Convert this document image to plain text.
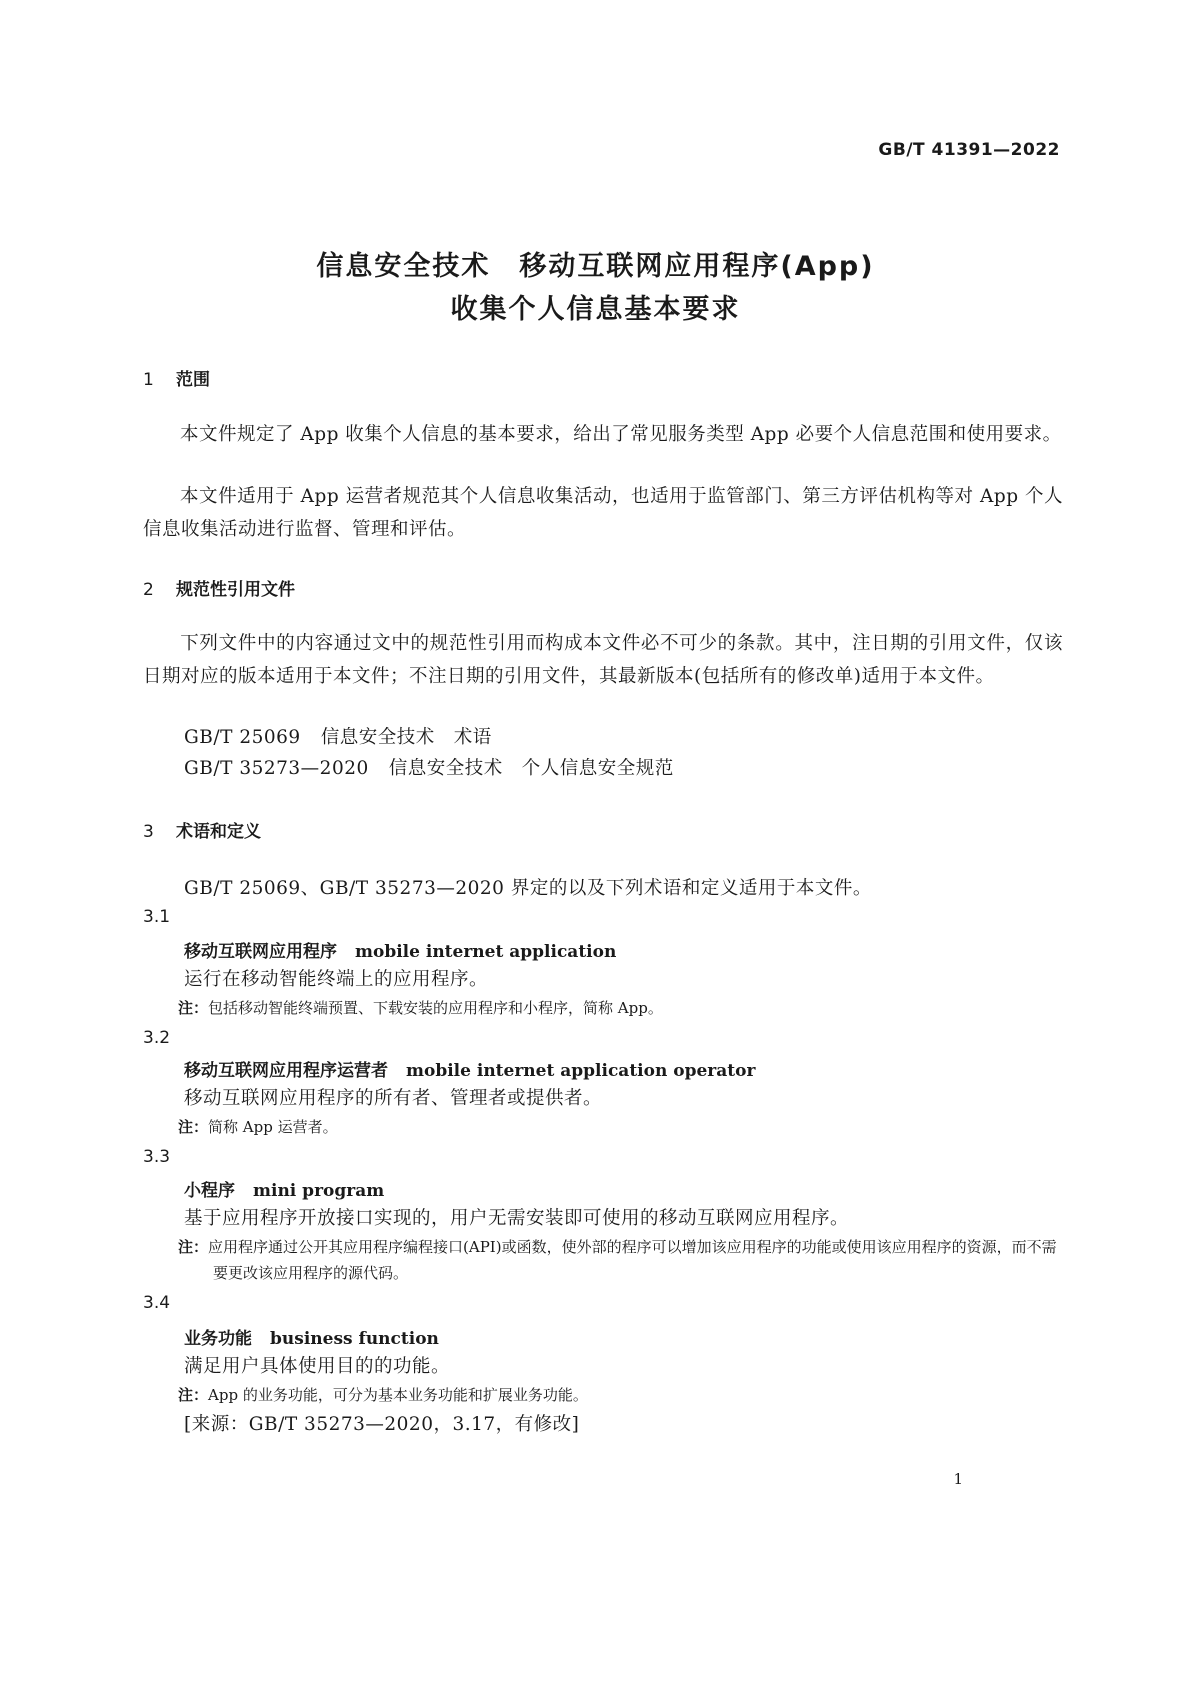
GB/T 41391—2022
信息安全技术　移动互联网应用程序(App)
收集个人信息基本要求
1 范围
本文件规定了 App 收集个人信息的基本要求，给出了常见服务类型 App 必要个人信息范围和使用要求。
本文件适用于 App 运营者规范其个人信息收集活动，也适用于监管部门、第三方评估机构等对 App 个人信息收集活动进行监督、管理和评估。
2 规范性引用文件
下列文件中的内容通过文中的规范性引用而构成本文件必不可少的条款。其中，注日期的引用文件，仅该日期对应的版本适用于本文件；不注日期的引用文件，其最新版本(包括所有的修改单)适用于本文件。
GB/T 25069 信息安全技术　术语
GB/T 35273—2020 信息安全技术　个人信息安全规范
3 术语和定义
GB/T 25069、GB/T 35273—2020 界定的以及下列术语和定义适用于本文件。
3.1
移动互联网应用程序 mobile internet application
运行在移动智能终端上的应用程序。
注：包括移动智能终端预置、下载安装的应用程序和小程序，简称 App。
3.2
移动互联网应用程序运营者 mobile internet application operator
移动互联网应用程序的所有者、管理者或提供者。
注：简称 App 运营者。
3.3
小程序 mini program
基于应用程序开放接口实现的，用户无需安装即可使用的移动互联网应用程序。
注：应用程序通过公开其应用程序编程接口(API)或函数，使外部的程序可以增加该应用程序的功能或使用该应用程序的资源，而不需要更改该应用程序的源代码。
3.4
业务功能 business function
满足用户具体使用目的的功能。
注：App 的业务功能，可分为基本业务功能和扩展业务功能。
[来源：GB/T 35273—2020，3.17，有修改]
1
